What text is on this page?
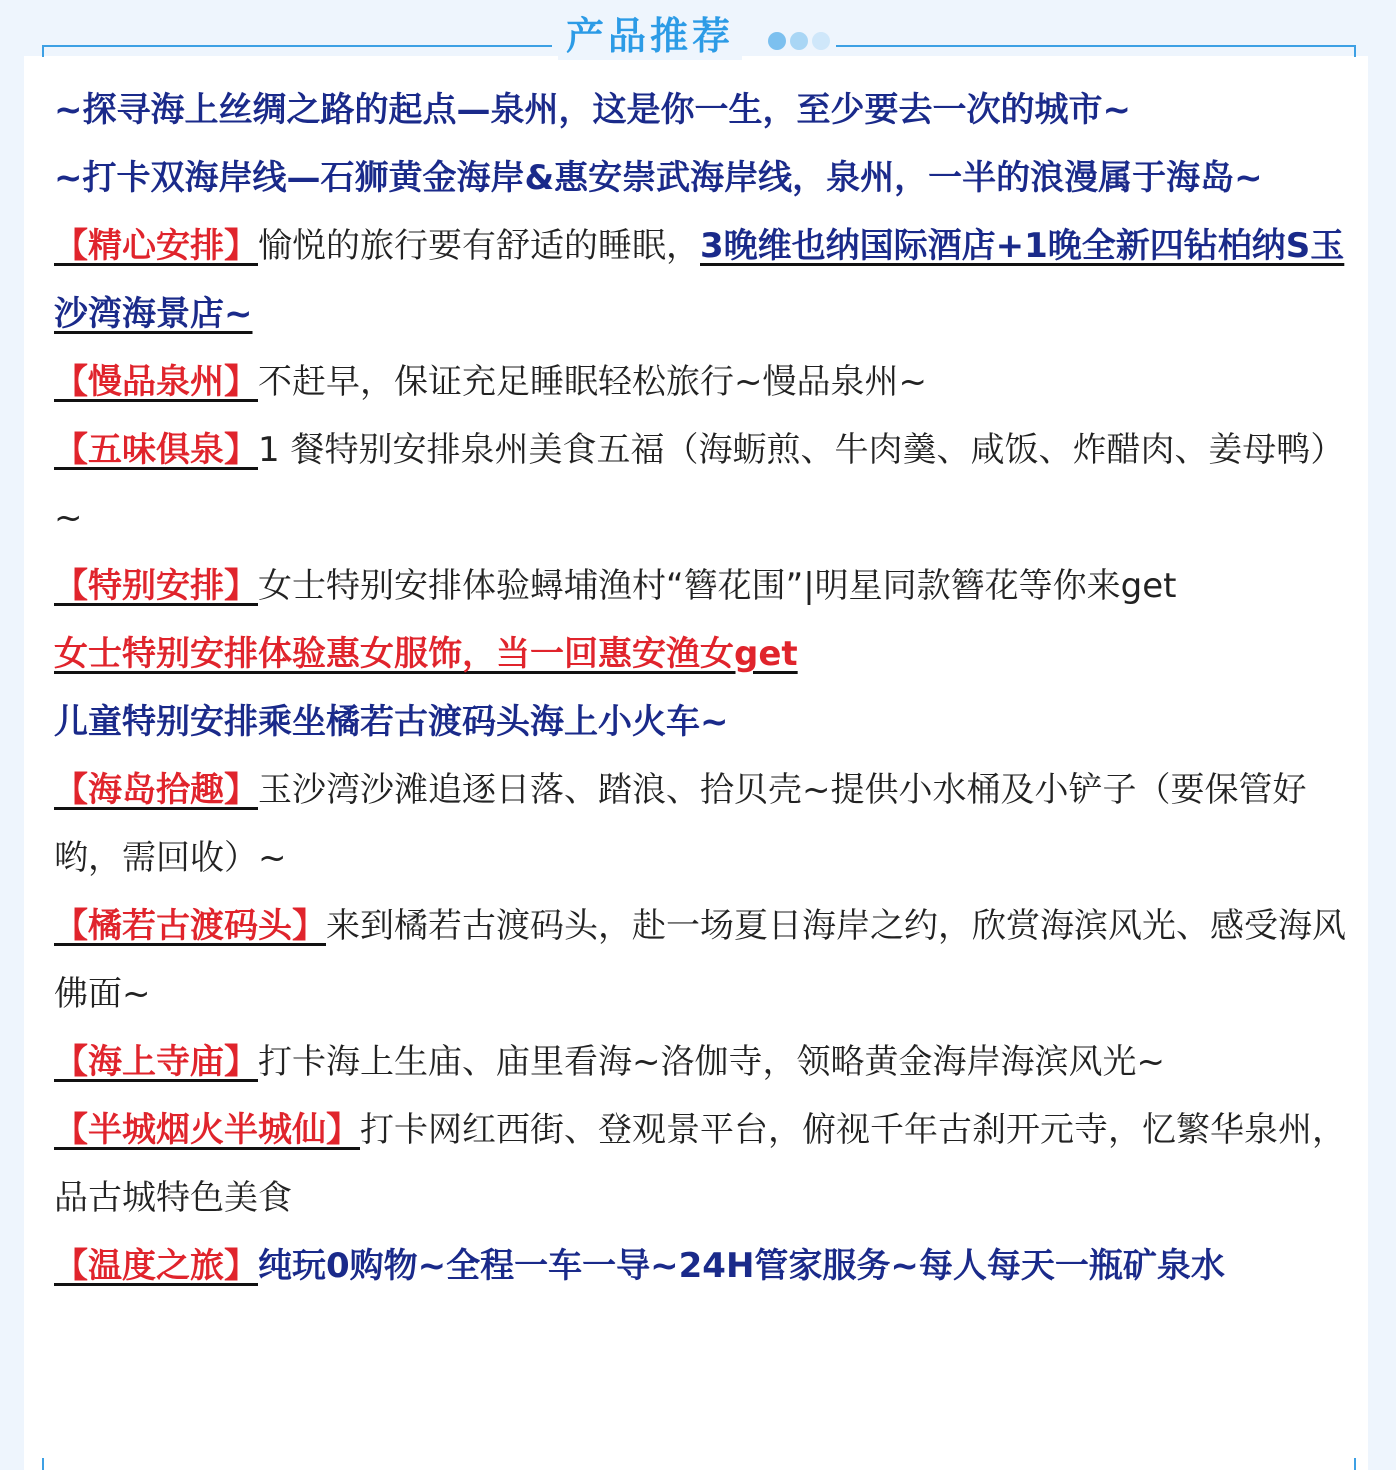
产品推荐

~探寻海上丝绸之路的起点—泉州，这是你一生，至少要去一次的城市~

~打卡双海岸线—石狮黄金海岸&惠安崇武海岸线，泉州，一半的浪漫属于海岛~

【精心安排】愉悦的旅行要有舒适的睡眠，3晚维也纳国际酒店+1晚全新四钻柏纳S玉沙湾海景店~

【慢品泉州】不赶早，保证充足睡眠轻松旅行~慢品泉州~

【五味俱泉】1 餐特别安排泉州美食五福（海蛎煎、牛肉羹、咸饭、炸醋肉、姜母鸭）~

【特别安排】女士特别安排体验蟳埔渔村“簪花围”|明星同款簪花等你来get

女士特别安排体验惠女服饰，当一回惠安渔女get

儿童特别安排乘坐橘若古渡码头海上小火车~

【海岛拾趣】玉沙湾沙滩追逐日落、踏浪、拾贝壳~提供小水桶及小铲子（要保管好哟，需回收）~

【橘若古渡码头】来到橘若古渡码头，赴一场夏日海岸之约，欣赏海滨风光、感受海风佛面~

【海上寺庙】打卡海上生庙、庙里看海~洛伽寺，领略黄金海岸海滨风光~

【半城烟火半城仙】打卡网红西街、登观景平台，俯视千年古刹开元寺，忆繁华泉州，品古城特色美食

【温度之旅】纯玩0购物~全程一车一导~24H管家服务~每人每天一瓶矿泉水
